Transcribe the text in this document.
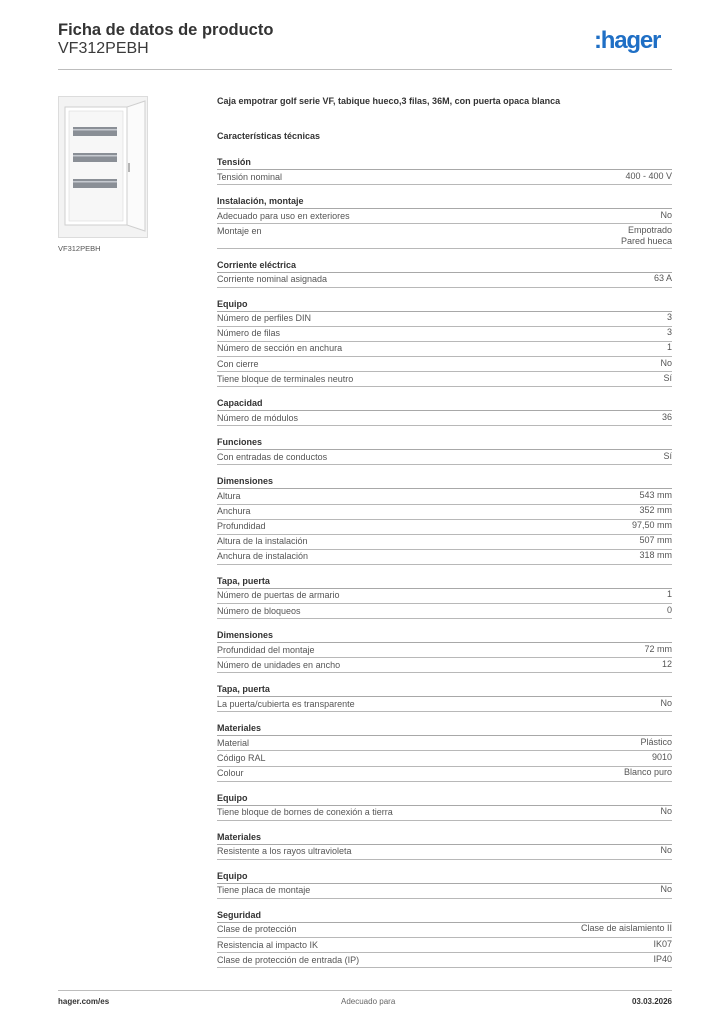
Ficha de datos de producto
VF312PEBH	:hager
VF312PEBH
Caja empotrar golf serie VF, tabique hueco,3 filas, 36M, con puerta opaca blanca
Características técnicas
Tensión
Tensión nominal	400 - 400 V
Instalación, montaje
Adecuado para uso en exteriores	No
Montaje en	Empotrado
Pared hueca
Corriente eléctrica
Corriente nominal asignada	63 A
Equipo
Número de perfiles DIN	3
Número de filas	3
Número de sección en anchura	1
Con cierre	No
Tiene bloque de terminales neutro	Sí
Capacidad
Número de módulos	36
Funciones
Con entradas de conductos	Sí
Dimensiones
Altura	543 mm
Anchura	352 mm
Profundidad	97,50 mm
Altura de la instalación	507 mm
Anchura de instalación	318 mm
Tapa, puerta
Número de puertas de armario	1
Número de bloqueos	0
Dimensiones
Profundidad del montaje	72 mm
Número de unidades en ancho	12
Tapa, puerta
La puerta/cubierta es transparente	No
Materiales
Material	Plástico
Código RAL	9010
Colour	Blanco puro
Equipo
Tiene bloque de bornes de conexión a tierra	No
Materiales
Resistente a los rayos ultravioleta	No
Equipo
Tiene placa de montaje	No
Seguridad
Clase de protección	Clase de aislamiento II
Resistencia al impacto IK	IK07
Clase de protección de entrada (IP)	IP40
hager.com/es	Adecuado para	03.03.2026
